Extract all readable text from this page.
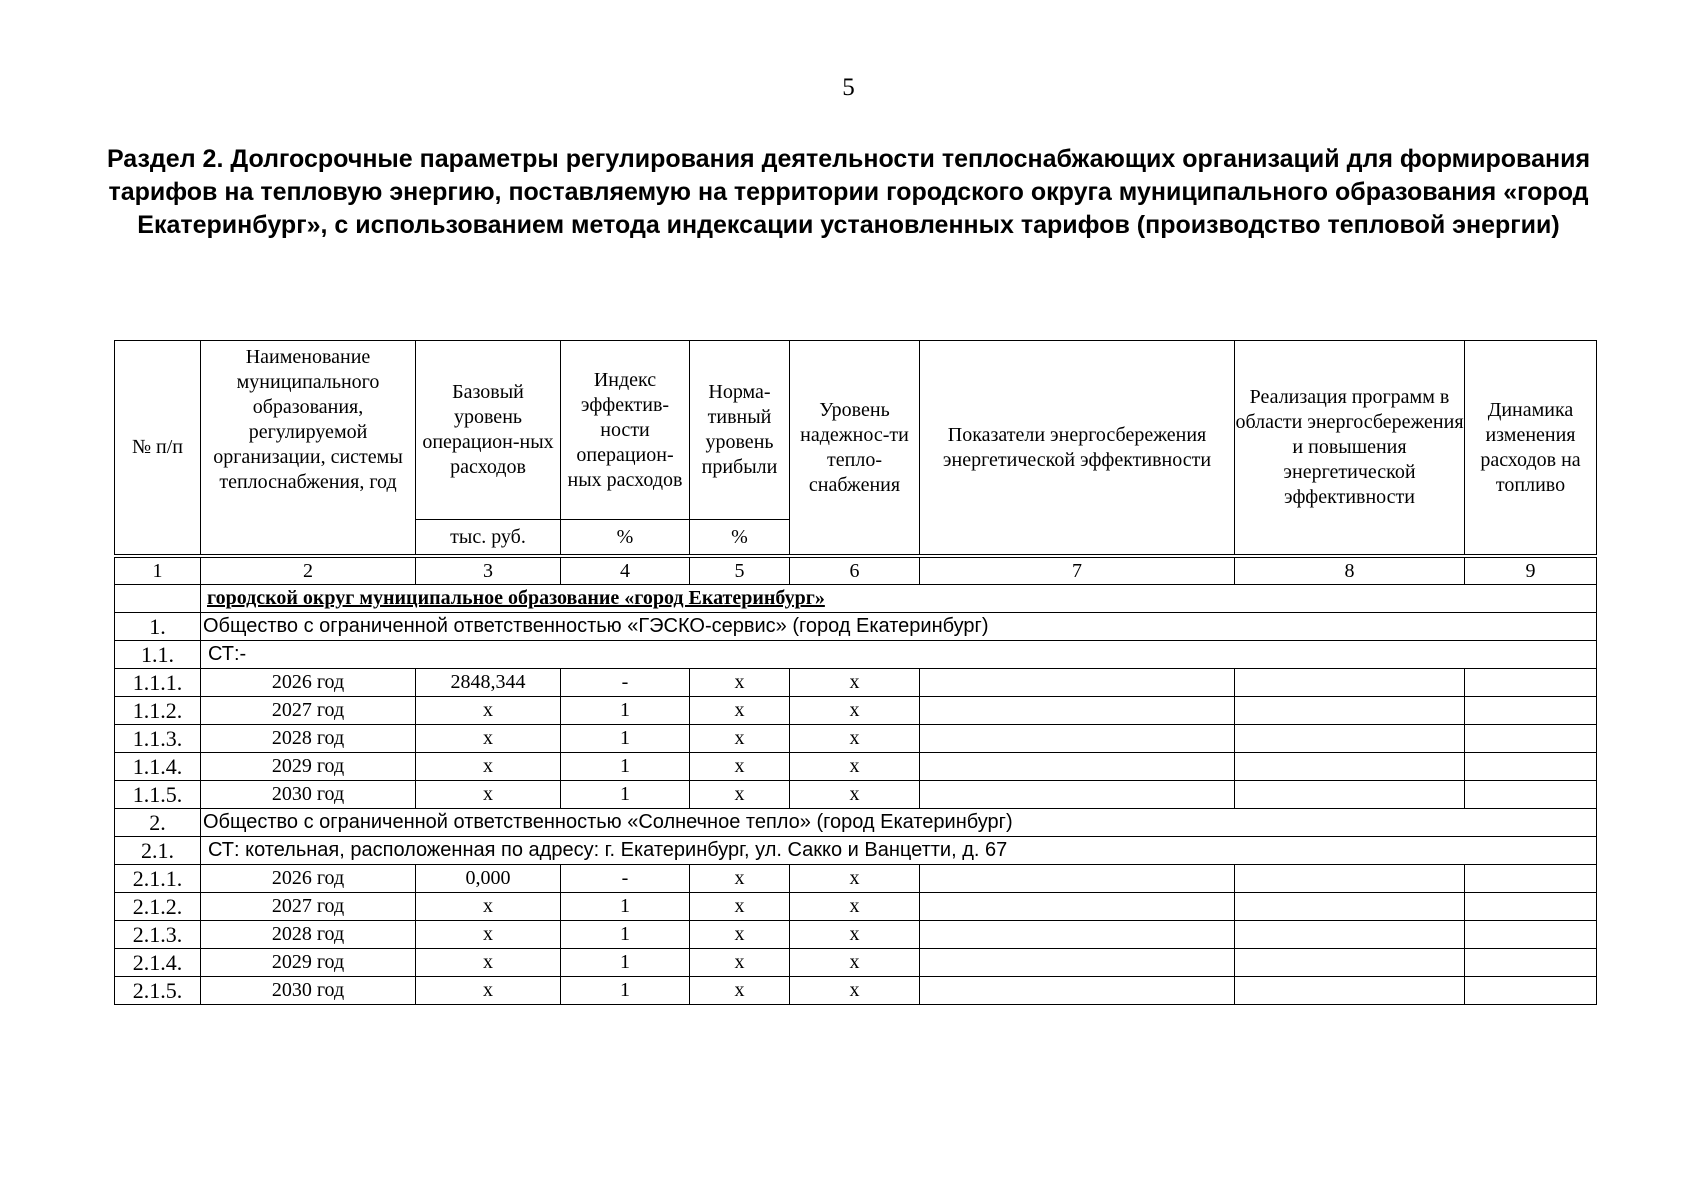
5
Раздел 2. Долгосрочные параметры регулирования деятельности теплоснабжающих организаций для формирования тарифов на тепловую энергию, поставляемую на территории городского округа муниципального образования «город Екатеринбург», с использованием метода индексации установленных тарифов (производство тепловой энергии)
№ п/п	Наименование муниципального образования, регулируемой организации, системы теплоснабжения, год	Базовый уровень операцион-ных расходов	Индекс эффектив-ности операцион-ных расходов	Норма-тивный уровень прибыли	Уровень надежнос-ти тепло-снабжения	Показатели энергосбережения энергетической эффективности	Реализация программ в области энергосбережения и повышения энергетической эффективности	Динамика изменения расходов на топливо
		тыс. руб.	%	%				

1	2	3	4	5	6	7	8	9
	городской округ муниципальное образование «город Екатеринбург»							
1.	Общество с ограниченной ответственностью «ГЭСКО-сервис» (город Екатеринбург)							
1.1.	СТ:-							
1.1.1.	2026 год	2848,344	-	x	x			
1.1.2.	2027 год	x	1	x	x			
1.1.3.	2028 год	x	1	x	x			
1.1.4.	2029 год	x	1	x	x			
1.1.5.	2030 год	x	1	x	x			
2.	Общество с ограниченной ответственностью «Солнечное тепло» (город Екатеринбург)							
2.1.	СТ: котельная, расположенная по адресу: г. Екатеринбург, ул. Сакко и Ванцетти, д. 67							
2.1.1.	2026 год	0,000	-	x	x			
2.1.2.	2027 год	x	1	x	x			
2.1.3.	2028 год	x	1	x	x			
2.1.4.	2029 год	x	1	x	x			
2.1.5.	2030 год	x	1	x	x			
